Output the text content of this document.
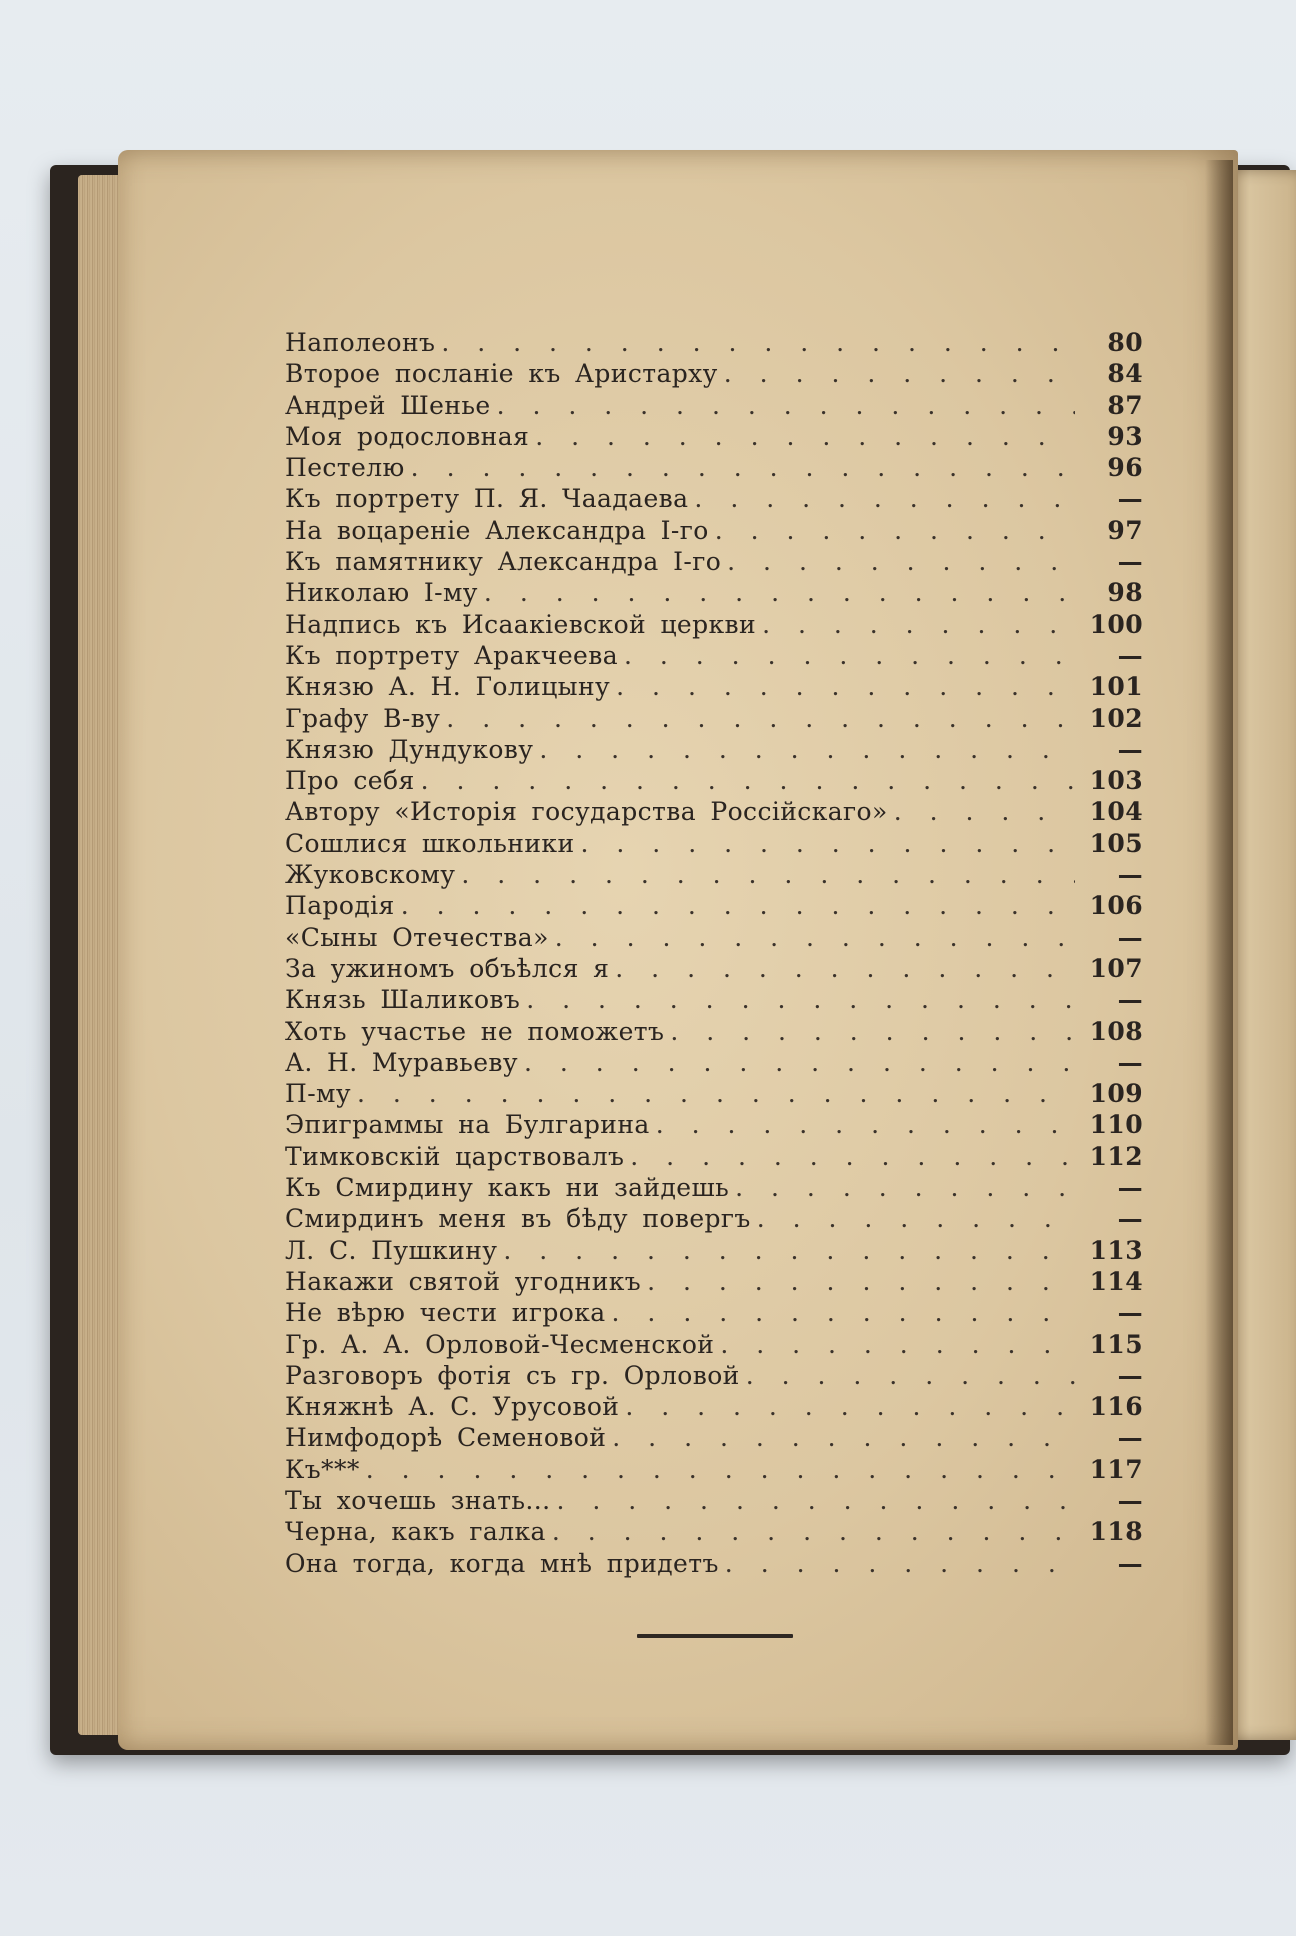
Наполеонъ . . .	80
Второе посланіе къ Аристарху . . .	84
Андрей Шенье . . .	87
Моя родословная . . .	93
Пестелю . . .	96
Къ портрету П. Я. Чаадаева . . .	—
На воцареніе Александра І-го . . .	97
Къ памятнику Александра І-го . . .	—
Николаю І-му . . .	98
Надпись къ Исаакіевской церкви . . .	100
Къ портрету Аракчеева . . .	—
Князю А. Н. Голицыну . . .	101
Графу В-ву . . .	102
Князю Дундукову . . .	—
Про себя . . .	103
Автору «Исторія государства Россійскаго» . . .	104
Сошлися школьники . . .	105
Жуковскому . . .	—
Пародія . . .	106
«Сыны Отечества» . . .	—
За ужиномъ объѣлся я . . .	107
Князь Шаликовъ . . .	—
Хоть участье не поможетъ . . .	108
А. Н. Муравьеву . . .	—
П-му . . .	109
Эпиграммы на Булгарина . . .	110
Тимковскій царствовалъ . . .	112
Къ Смирдину какъ ни зайдешь . . .	—
Смирдинъ меня въ бѣду повергъ . . .	—
Л. С. Пушкину . . .	113
Накажи святой угодникъ . . .	114
Не вѣрю чести игрока . . .	—
Гр. А. А. Орловой-Чесменской . . .	115
Разговоръ фотія съ гр. Орловой . . .	—
Княжнѣ А. С. Урусовой . . .	116
Нимфодорѣ Семеновой . . .	—
Къ*** . . .	117
Ты хочешь знать... . . .	—
Черна, какъ галка . . .	118
Она тогда, когда мнѣ придетъ . . .	—
